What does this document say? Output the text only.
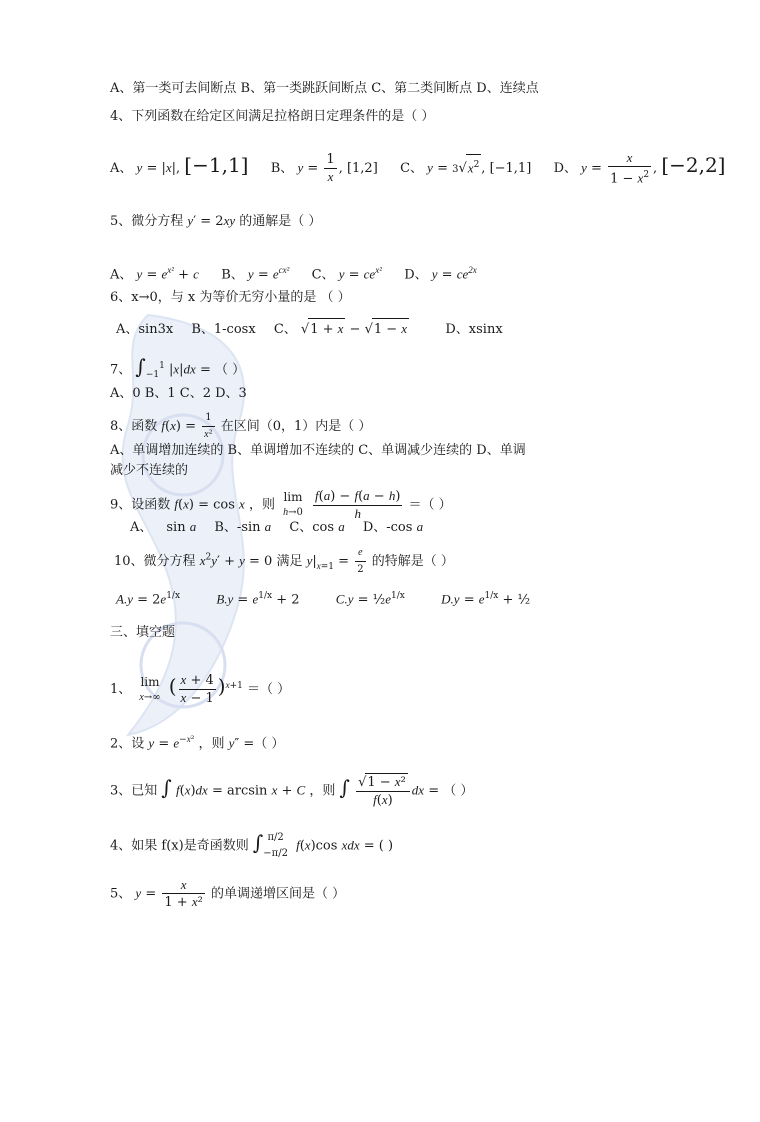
A、第一类可去间断点 B、第一类跳跃间断点 C、第二类间断点 D、连续点
4、下列函数在给定区间满足拉格朗日定理条件的是（ ）
A、 y = |x|, [−1,1] B、 $y = \frac{1}{x}$ , [1,2] C、 $y = 3√x^2$ , [−1,1] D、 $y = \frac{x}{1 - x^2}$ , [−2,2]
5、微分方程 y′ = 2xy 的通解是（ ）
A、 $y = e^{x^2} + c$ B、 $y = e^{cx^2}$ C、 $y = ce^{x^2}$ D、 $y = ce^{2x}$
6、x→0，与 x 为等价无穷小量的是 （ ）
A、sin3x B、1-cosx C、 √1 + x − √1 − x	D、xsinx
7、 $\int_{-1}^1$ |x|dx = （ ）
A、0 B、1 C、2 D、3
8、函数 $f(x) = \frac{1}{\text{x²}}$ 在区间（0，1）内是（ ）
A、单调增加连续的 B、单调增加不连续的 C、单调减少连续的 D、单调
减少不连续的
9、设函数 f(x) = cos x ，则
lim
h→0
$\frac{f(a) - f(a - h)}{h}$ ＝（ ）
A、 sin a B、-sin a C、cos a D、-cos a
10、微分方程 $x^2y' + y = 0$ 满足 $y|_{x=1} = \frac{e}{2}$ 的特解是（ ）
$A.y = 2e^{1/x}$	$B.y = e^{1/x} + 2$  $C.y = \frac{1}{2}e^{1/x}$	$D.y = e^{1/x}$ + ½
三、填空题
1、
lim
x→∞ ( $\frac{x + 4}{x - 1} )^{x+1}$ ＝（ ）
2、设 $y = e^{-x^2}$ ，则 y″ =（ ）
3、已知 ∫ f(x)dx = arcsin x + C ，则 ∫ $\frac{\text{√1 − x²}}{f(x)}$ dx = （ ）
4、如果 f(x)是奇函数则 ∫ π/2
−π/2
f(x)cos xdx = ( )
5、 $y = \frac{x}{\text{1 + x²}}$ 的单调递增区间是（ ）
